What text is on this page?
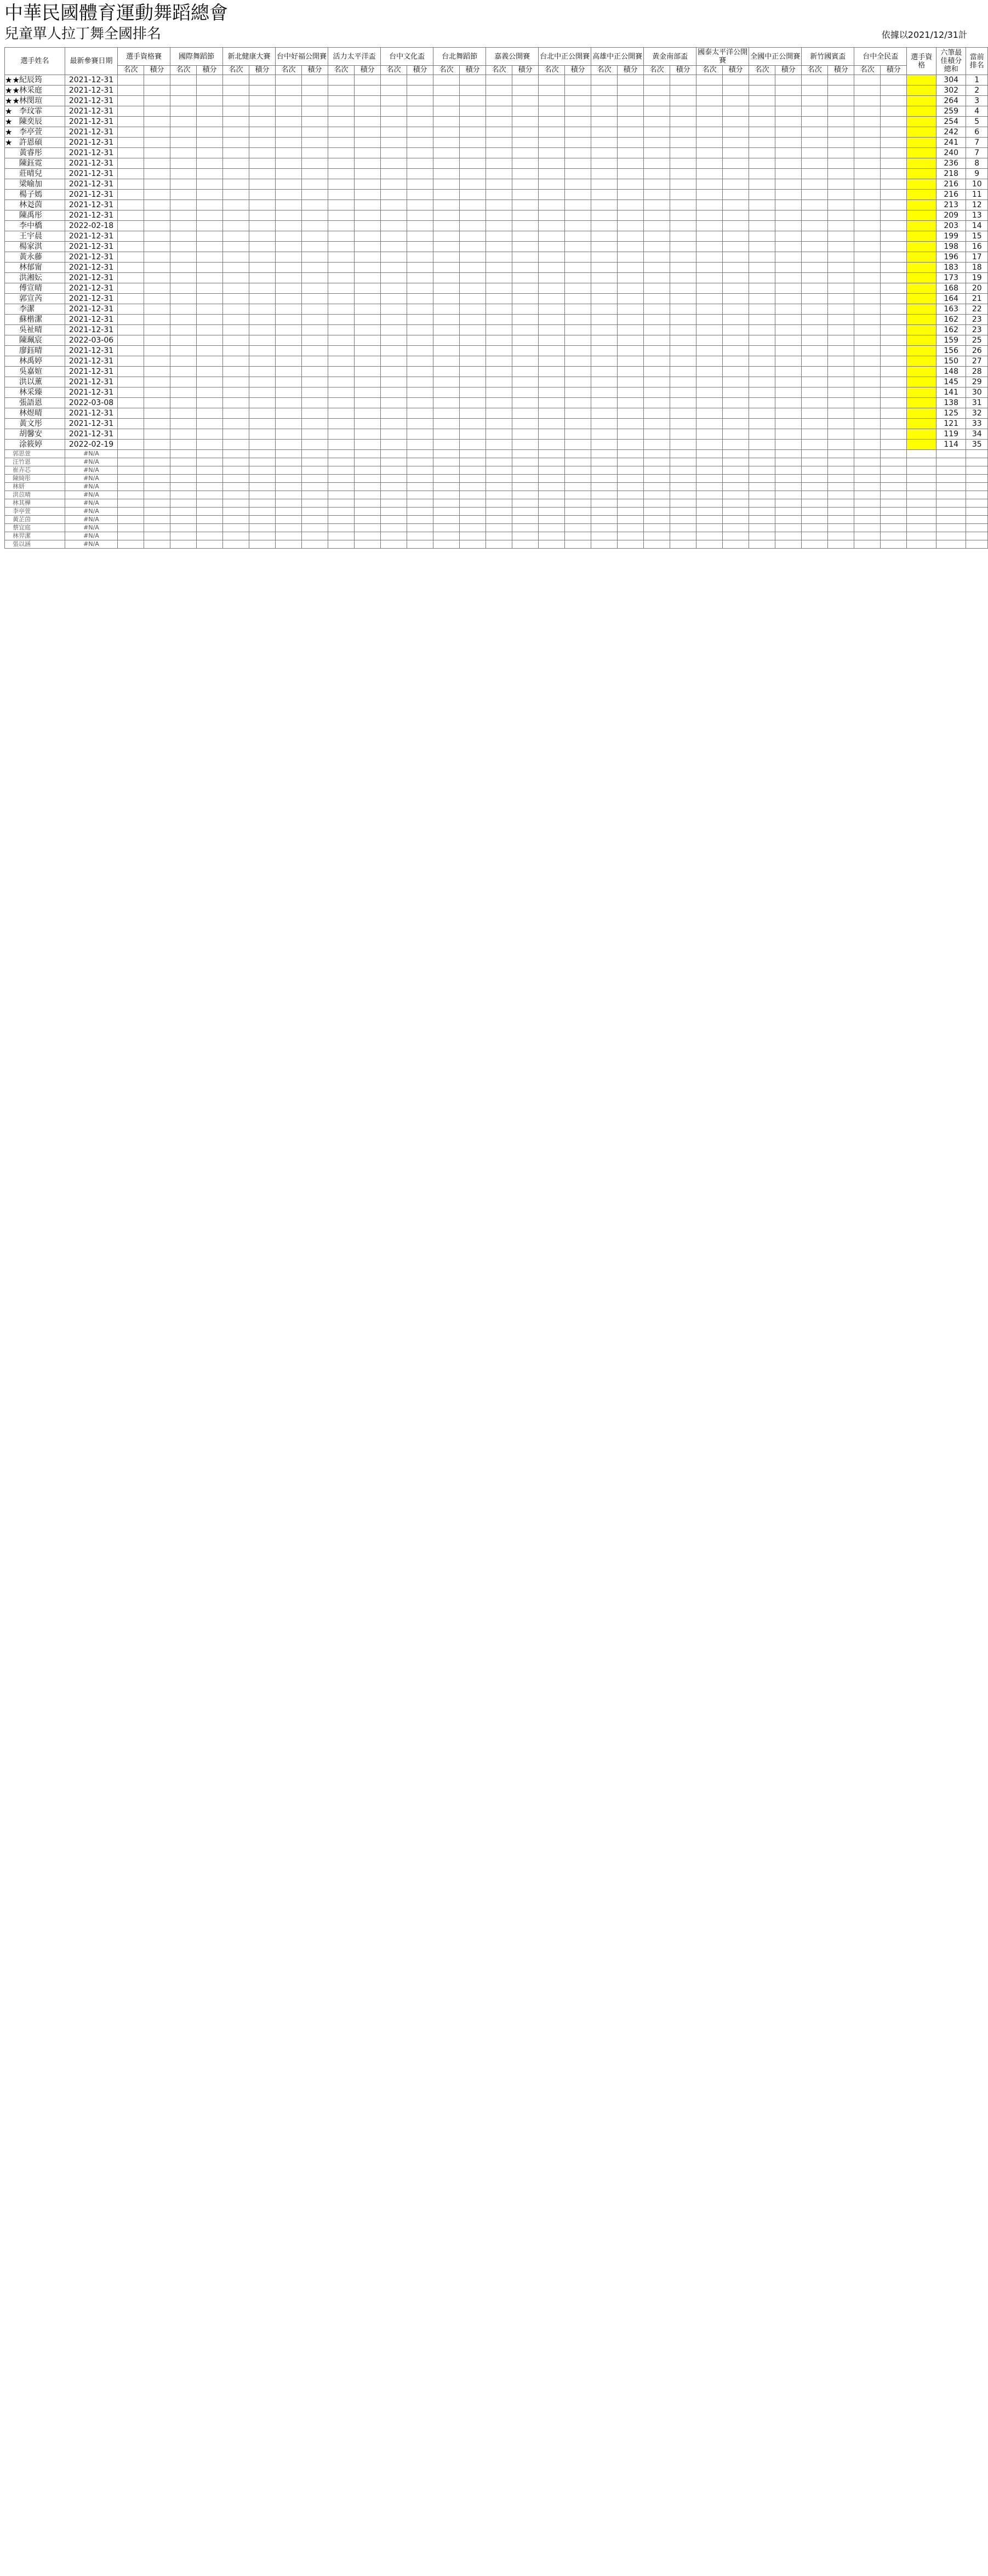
中華民國體育運動舞蹈總會
兒童單人拉丁舞全國排名	依據以2021/12/31計
選手姓名	最新參賽日期	選手資格賽		國際舞蹈節		新北健康大賽		台中好福公開賽		活力太平洋盃		台中文化盃		台北舞蹈節		嘉義公開賽		台北中正公開賽		高雄中正公開賽		黃金南部盃		國泰太平洋公開賽		全國中正公開賽		新竹國賓盃		台中全民盃		選手資格	六筆最佳積分總和	當前排名
		名次	積分	名次	積分	名次	積分	名次	積分	名次	積分	名次	積分	名次	積分	名次	積分	名次	積分	名次	積分	名次	積分	名次	積分	名次	積分	名次	積分	名次	積分			

★★ 紀辰筠	2021-12-31																																304	1

★★ 林采庭	2021-12-31																																302	2

★★ 林閔瑄	2021-12-31																																264	3

★ 李玟霏	2021-12-31																																259	4

★ 陳奕辰	2021-12-31																																254	5

★ 李亭萱	2021-12-31																																242	6

★ 許恩碩	2021-12-31																																241	7

黃睿彤	2021-12-31																																240	7

陳鈺霓	2021-12-31																																236	8

莊晴兒	2021-12-31																																218	9

梁喻加	2021-12-31																																216	10

楊子嫣	2021-12-31																																216	11

林彣茵	2021-12-31																																213	12

陳禹彤	2021-12-31																																209	13

李中橋	2022-02-18																																203	14

王宇晨	2021-12-31																																199	15

楊家淇	2021-12-31																																198	16

黃永藤	2021-12-31																																196	17

林郁甯	2021-12-31																																183	18

洪湘妘	2021-12-31																																173	19

傅宣晴	2021-12-31																																168	20

郭宣芮	2021-12-31																																164	21

李潔	2021-12-31																																163	22

蘇楷潔	2021-12-31																																162	23

吳祉晴	2021-12-31																																162	23

陳珮宸	2022-03-06																																159	25

廖鈺晴	2021-12-31																																156	26

林禹婷	2021-12-31																																150	27

吳嘉媗	2021-12-31																																148	28

洪以薰	2021-12-31																																145	29

林采臻	2021-12-31																																141	30

張語恩	2022-03-08																																138	31

林煜晴	2021-12-31																																125	32

黃文彤	2021-12-31																																121	33

胡馨安	2021-12-31																																119	34

涂筱婷	2022-02-19																																114	35
郭思萱	#N/A																																	
汪竹恩	#N/A																																	
崔卉芯	#N/A																																	
陳綺彤	#N/A																																	
林妍	#N/A																																	
洪苡晴	#N/A																																	
林其樺	#N/A																																	
李亭萱	#N/A																																	
黃芷茵	#N/A																																	
蔡宜庭	#N/A																																	
林羿潔	#N/A																																	
張以涵	#N/A																																	
